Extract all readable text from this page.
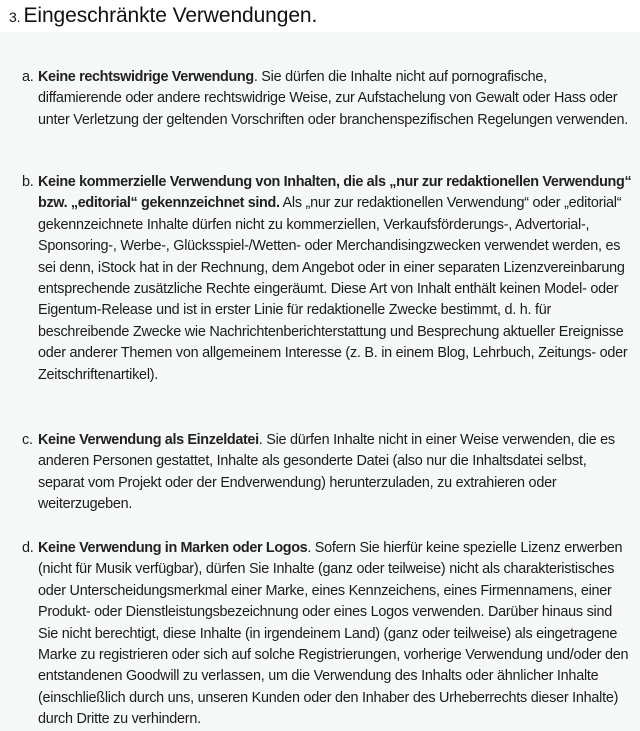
3. Eingeschränkte Verwendungen.
a. Keine rechtswidrige Verwendung. Sie dürfen die Inhalte nicht auf pornografische, diffamierende oder andere rechtswidrige Weise, zur Aufstachelung von Gewalt oder Hass oder unter Verletzung der geltenden Vorschriften oder branchenspezifischen Regelungen verwenden.
b. Keine kommerzielle Verwendung von Inhalten, die als „nur zur redaktionellen Verwendung“ bzw. „editorial“ gekennzeichnet sind. Als „nur zur redaktionellen Verwendung“ oder „editorial“ gekennzeichnete Inhalte dürfen nicht zu kommerziellen, Verkaufsförderungs-, Advertorial-, Sponsoring-, Werbe-, Glücksspiel-/Wetten- oder Merchandisingzwecken verwendet werden, es sei denn, iStock hat in der Rechnung, dem Angebot oder in einer separaten Lizenzvereinbarung entsprechende zusätzliche Rechte eingeräumt. Diese Art von Inhalt enthält keinen Model- oder Eigentum-Release und ist in erster Linie für redaktionelle Zwecke bestimmt, d. h. für beschreibende Zwecke wie Nachrichtenberichterstattung und Besprechung aktueller Ereignisse oder anderer Themen von allgemeinem Interesse (z. B. in einem Blog, Lehrbuch, Zeitungs- oder Zeitschriftenartikel).
c. Keine Verwendung als Einzeldatei. Sie dürfen Inhalte nicht in einer Weise verwenden, die es anderen Personen gestattet, Inhalte als gesonderte Datei (also nur die Inhaltsdatei selbst, separat vom Projekt oder der Endverwendung) herunterzuladen, zu extrahieren oder weiterzugeben.
d. Keine Verwendung in Marken oder Logos. Sofern Sie hierfür keine spezielle Lizenz erwerben (nicht für Musik verfügbar), dürfen Sie Inhalte (ganz oder teilweise) nicht als charakteristisches oder Unterscheidungsmerkmal einer Marke, eines Kennzeichens, eines Firmennamens, einer Produkt- oder Dienstleistungsbezeichnung oder eines Logos verwenden. Darüber hinaus sind Sie nicht berechtigt, diese Inhalte (in irgendeinem Land) (ganz oder teilweise) als eingetragene Marke zu registrieren oder sich auf solche Registrierungen, vorherige Verwendung und/oder den entstandenen Goodwill zu verlassen, um die Verwendung des Inhalts oder ähnlicher Inhalte (einschließlich durch uns, unseren Kunden oder den Inhaber des Urheberrechts dieser Inhalte) durch Dritte zu verhindern.
